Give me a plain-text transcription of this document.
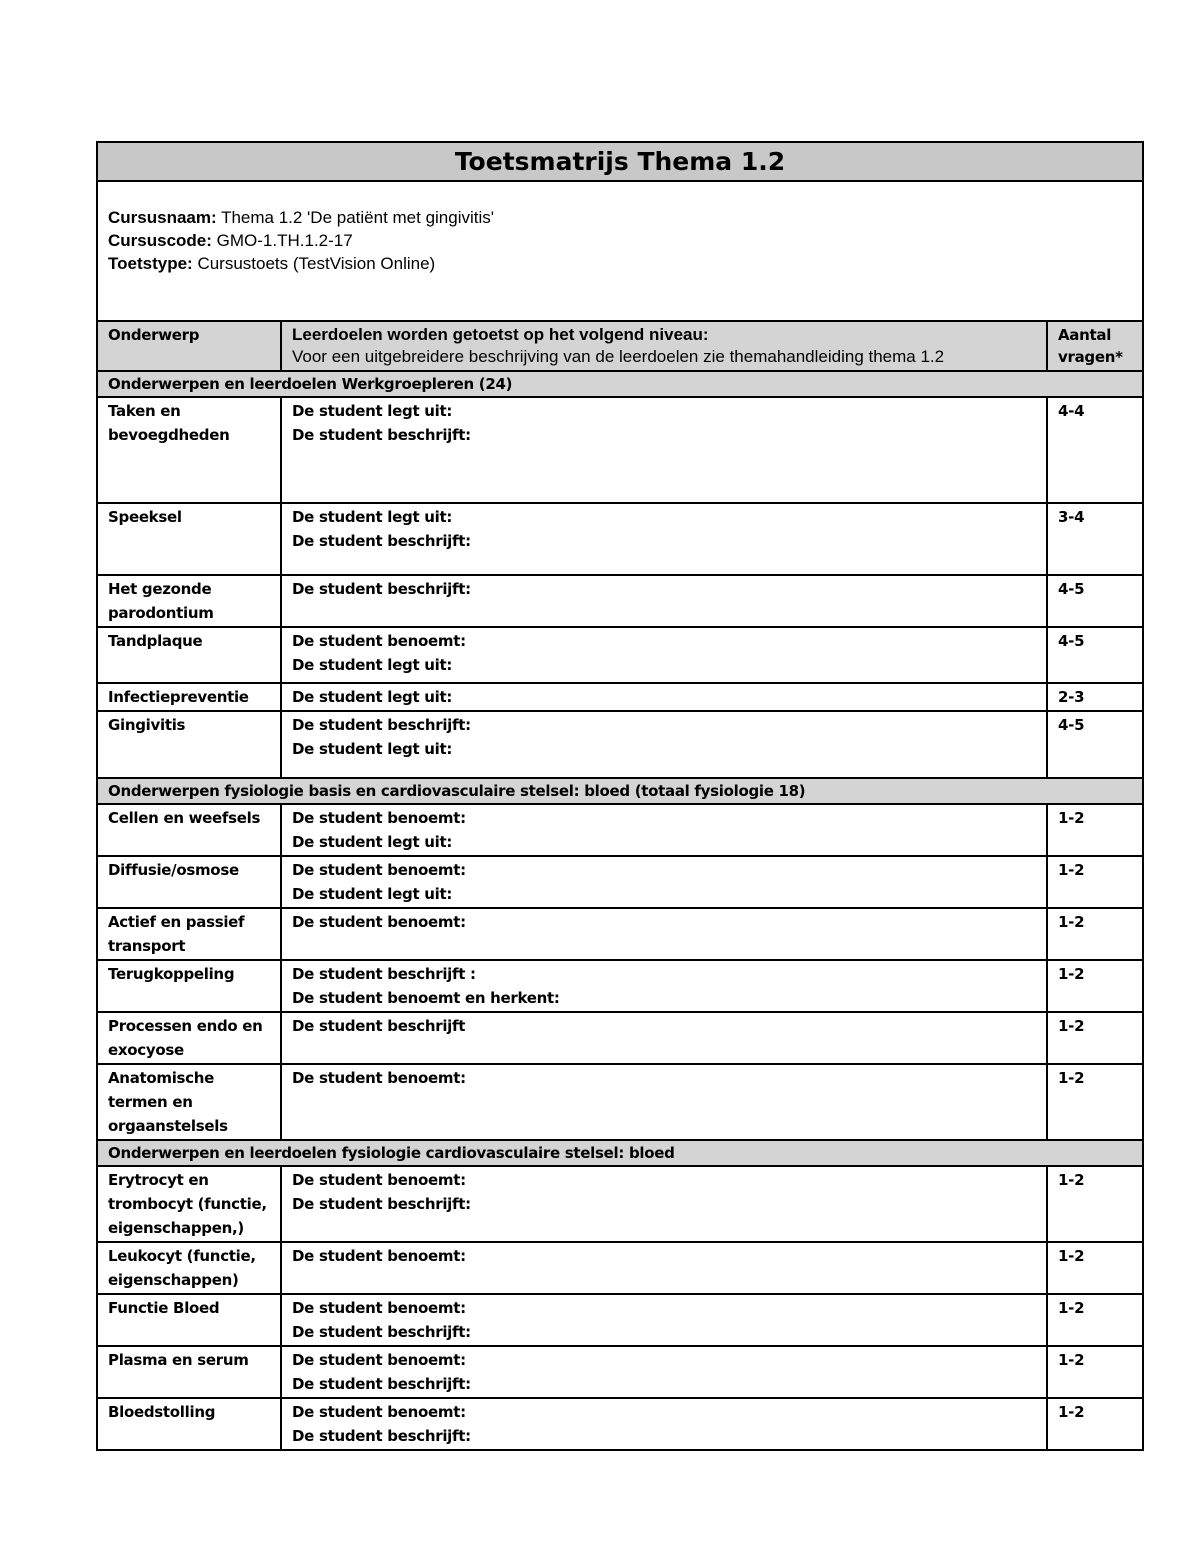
Toetsmatrijs Thema 1.2		

Cursusnaam: Thema 1.2 'De patiënt met gingivitis'
Cursuscode: GMO-1.TH.1.2-17
Toetstype: Cursustoets (TestVision Online)		

Onderwerp	Leerdoelen worden getoetst op het volgend niveau:
Voor een uitgebreidere beschrijving van de leerdoelen zie themahandleiding thema 1.2	Aantal
vragen*

Onderwerpen en leerdoelen Werkgroepleren (24)		
Taken en bevoegdheden	De student legt uit:
De student beschrijft:	4-4
Speeksel	De student legt uit:
De student beschrijft:	3-4
Het gezonde parodontium	De student beschrijft:	4-5
Tandplaque	De student benoemt:
De student legt uit:	4-5
Infectiepreventie	De student legt uit:	2-3
Gingivitis	De student beschrijft:
De student legt uit:	4-5
Onderwerpen fysiologie basis en cardiovasculaire stelsel: bloed (totaal fysiologie 18)		
Cellen en weefsels	De student benoemt:
De student legt uit:	1-2
Diffusie/osmose	De student benoemt:
De student legt uit:	1-2
Actief en passief transport	De student benoemt:	1-2
Terugkoppeling	De student beschrijft :
De student benoemt en herkent:	1-2
Processen endo en exocyose	De student beschrijft	1-2
Anatomische termen en orgaanstelsels	De student benoemt:	1-2
Onderwerpen en leerdoelen fysiologie cardiovasculaire stelsel: bloed		
Erytrocyt en trombocyt (functie, eigenschappen,)	De student benoemt:
De student beschrijft:	1-2
Leukocyt (functie, eigenschappen)	De student benoemt:	1-2
Functie Bloed	De student benoemt:
De student beschrijft:	1-2
Plasma en serum	De student benoemt:
De student beschrijft:	1-2
Bloedstolling	De student benoemt:
De student beschrijft:	1-2
